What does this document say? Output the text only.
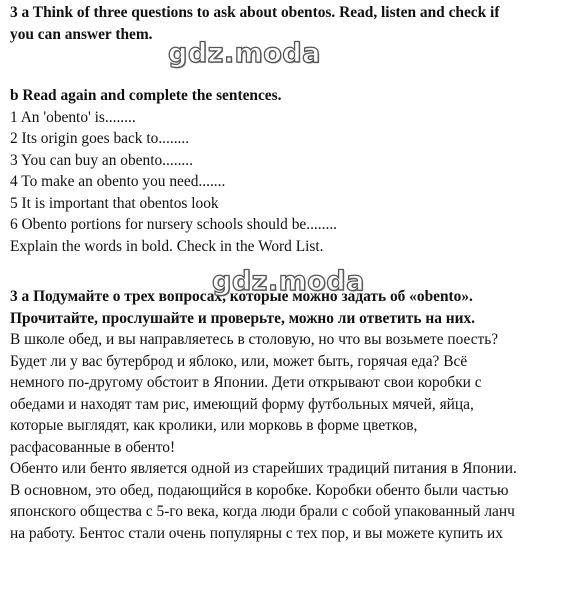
3 a Think of three questions to ask about obentos. Read, listen and check if
you can answer them.
b Read again and complete the sentences.
1 An 'obento' is........
2 Its origin goes back to........
3 You can buy an obento........
4 To make an obento you need.......
5 It is important that obentos look
6 Obento portions for nursery schools should be........
Explain the words in bold. Check in the Word List.
3 а Подумайте о трех вопросах, которые можно задать об «obento».
Прочитайте, прослушайте и проверьте, можно ли ответить на них.
В школе обед, и вы направляетесь в столовую, но что вы возьмете поесть?
Будет ли у вас бутерброд и яблоко, или, может быть, горячая еда? Всё
немного по-другому обстоит в Японии. Дети открывают свои коробки с
обедами и находят там рис, имеющий форму футбольных мячей, яйца,
которые выглядят, как кролики, или морковь в форме цветков,
расфасованные в обенто!
Обенто или бенто является одной из старейших традиций питания в Японии.
В основном, это обед, подающийся в коробке. Коробки обенто были частью
японского общества с 5-го века, когда люди брали с собой упакованный ланч
на работу. Бентос стали очень популярны с тех пор, и вы можете купить их
gdz.moda
gdz.moda
